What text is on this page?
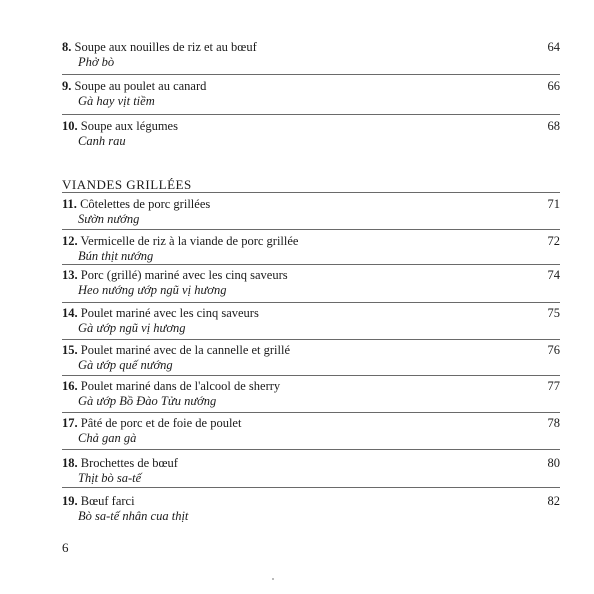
8. Soupe aux nouilles de riz et au bœuf
Phở bò
64
9. Soupe au poulet au canard
Gà hay vịt tiềm
66
10. Soupe aux légumes
Canh rau
68
VIANDES GRILLÉES
11. Côtelettes de porc grillées
Sườn nướng
71
12. Vermicelle de riz à la viande de porc grillée
Bún thịt nướng
72
13. Porc (grillé) mariné avec les cinq saveurs
Heo nướng ướp ngũ vị hương
74
14. Poulet mariné avec les cinq saveurs
Gà ướp ngũ vị hương
75
15. Poulet mariné avec de la cannelle et grillé
Gà ướp quế nướng
76
16. Poulet mariné dans de l'alcool de sherry
Gà ướp Bồ Đào Tửu nướng
77
17. Pâté de porc et de foie de poulet
Chả gan gà
78
18. Brochettes de bœuf
Thịt bò sa-tế
80
19. Bœuf farci
Bò sa-tế nhân cua thịt
82
6
